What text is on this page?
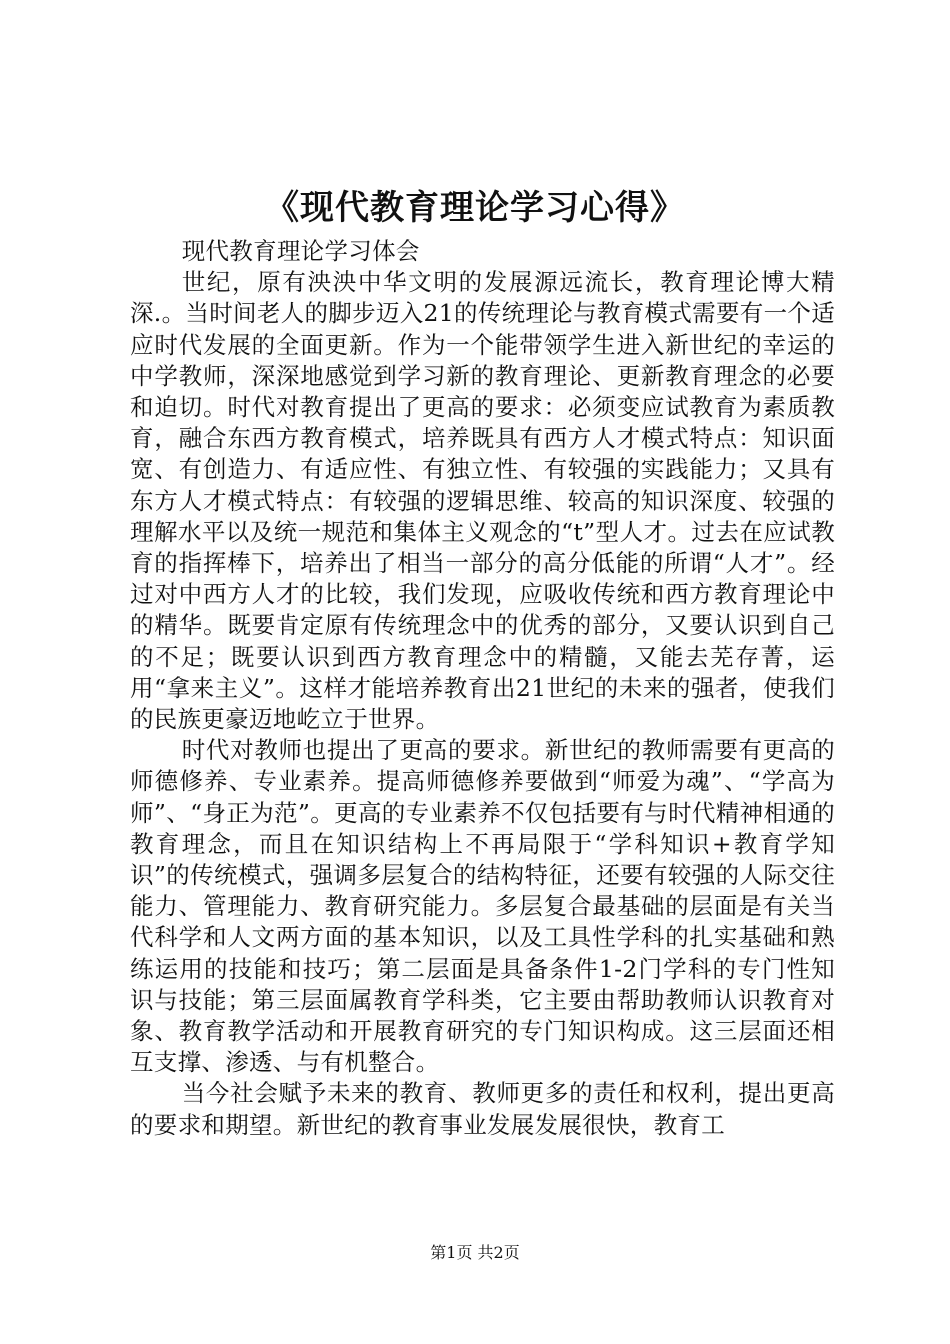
《现代教育理论学习心得》

现代教育理论学习体会

世纪，原有泱泱中华文明的发展源远流长，教育理论博大精深.。当时间老人的脚步迈入21的传统理论与教育模式需要有一个适应时代发展的全面更新。作为一个能带领学生进入新世纪的幸运的中学教师，深深地感觉到学习新的教育理论、更新教育理念的必要和迫切。时代对教育提出了更高的要求：必须变应试教育为素质教育，融合东西方教育模式，培养既具有西方人才模式特点：知识面宽、有创造力、有适应性、有独立性、有较强的实践能力；又具有东方人才模式特点：有较强的逻辑思维、较高的知识深度、较强的理解水平以及统一规范和集体主义观念的“t”型人才。过去在应试教育的指挥棒下，培养出了相当一部分的高分低能的所谓“人才”。经过对中西方人才的比较，我们发现，应吸收传统和西方教育理论中的精华。既要肯定原有传统理念中的优秀的部分，又要认识到自己的不足；既要认识到西方教育理念中的精髓，又能去芜存菁，运用“拿来主义”。这样才能培养教育出21世纪的未来的强者，使我们的民族更豪迈地屹立于世界。

时代对教师也提出了更高的要求。新世纪的教师需要有更高的师德修养、专业素养。提高师德修养要做到“师爱为魂”、“学高为师”、“身正为范”。更高的专业素养不仅包括要有与时代精神相通的教育理念，而且在知识结构上不再局限于“学科知识+教育学知识”的传统模式，强调多层复合的结构特征，还要有较强的人际交往能力、管理能力、教育研究能力。多层复合最基础的层面是有关当代科学和人文两方面的基本知识，以及工具性学科的扎实基础和熟练运用的技能和技巧；第二层面是具备条件1-2门学科的专门性知识与技能；第三层面属教育学科类，它主要由帮助教师认识教育对象、教育教学活动和开展教育研究的专门知识构成。这三层面还相互支撑、渗透、与有机整合。

当今社会赋予未来的教育、教师更多的责任和权利，提出更高的要求和期望。新世纪的教育事业发展发展很快，教育工

第1页 共2页
